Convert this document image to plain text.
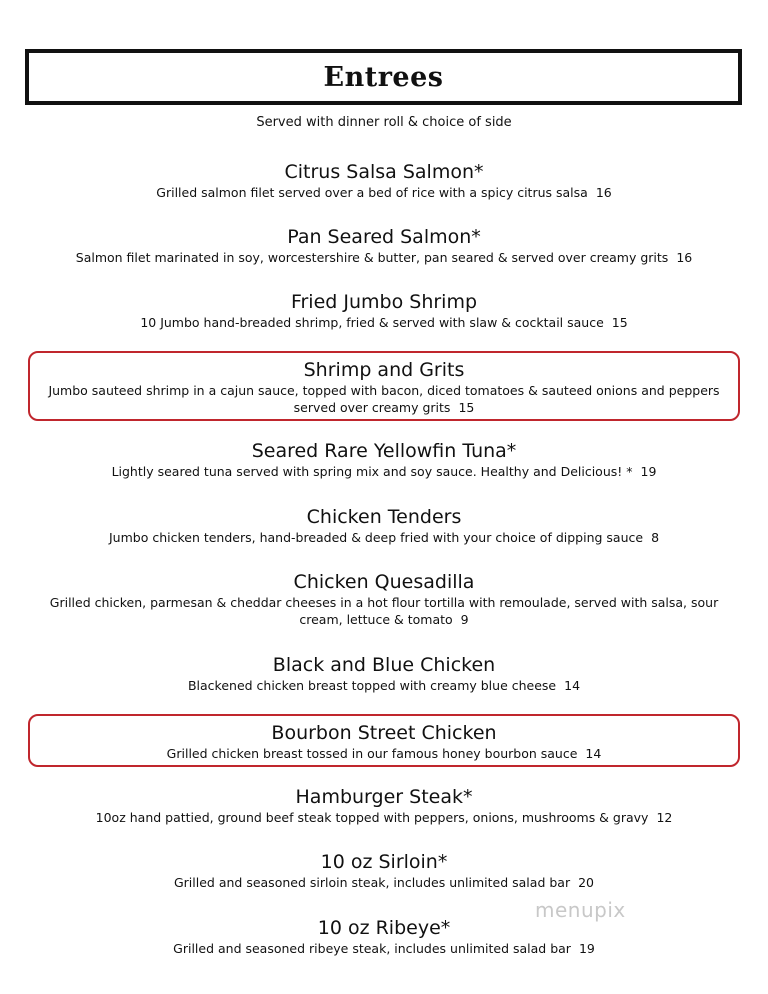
Entrees
Served with dinner roll & choice of side
Citrus Salsa Salmon*

Grilled salmon filet served over a bed of rice with a spicy citrus salsa 16

Pan Seared Salmon*

Salmon filet marinated in soy, worcestershire & butter, pan seared & served over creamy grits 16

Fried Jumbo Shrimp

10 Jumbo hand-breaded shrimp, fried & served with slaw & cocktail sauce 15

Shrimp and Grits

Jumbo sauteed shrimp in a cajun sauce, topped with bacon, diced tomatoes & sauteed onions and peppers served over creamy grits 15

Seared Rare Yellowfin Tuna*

Lightly seared tuna served with spring mix and soy sauce. Healthy and Delicious! * 19

Chicken Tenders

Jumbo chicken tenders, hand-breaded & deep fried with your choice of dipping sauce 8

Chicken Quesadilla

Grilled chicken, parmesan & cheddar cheeses in a hot flour tortilla with remoulade, served with salsa, sour cream, lettuce & tomato 9

Black and Blue Chicken

Blackened chicken breast topped with creamy blue cheese 14

Bourbon Street Chicken

Grilled chicken breast tossed in our famous honey bourbon sauce 14

Hamburger Steak*

10oz hand pattied, ground beef steak topped with peppers, onions, mushrooms & gravy 12

10 oz Sirloin*

Grilled and seasoned sirloin steak, includes unlimited salad bar 20

10 oz Ribeye*

Grilled and seasoned ribeye steak, includes unlimited salad bar 19

menupix
